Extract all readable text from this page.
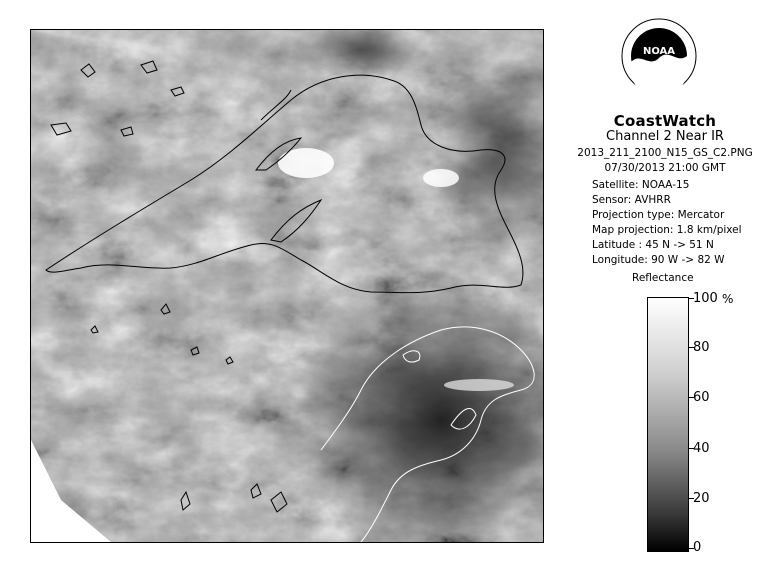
NOAA
CoastWatch
Channel 2 Near IR
2013_211_2100_N15_GS_C2.PNG
07/30/2013 21:00 GMT
Satellite: NOAA-15
Sensor: AVHRR
Projection type: Mercator
Map projection: 1.8 km/pixel
Latitude : 45 N -> 51 N
Longitude: 90 W -> 82 W
Reflectance
%
100
80
60
40
20
0
